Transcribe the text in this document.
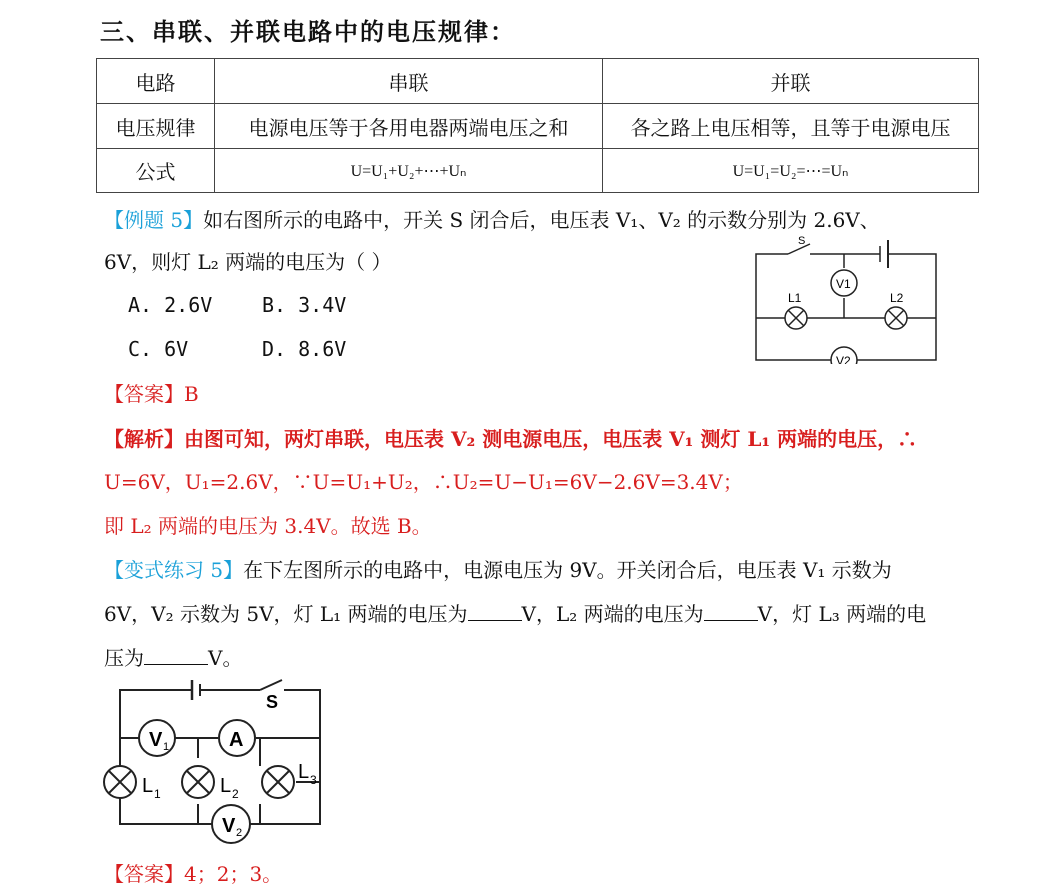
三、串联、并联电路中的电压规律：
电路	串联	并联
电压规律	电源电压等于各用电器两端电压之和	各之路上电压相等，且等于电源电压
公式	U=U₁+U₂+⋯+Uₙ	U=U₁=U₂=⋯=Uₙ
【例题 5】如右图所示的电路中，开关 S 闭合后，电压表 V₁、V₂ 的示数分别为 2.6V、
6V，则灯 L₂ 两端的电压为（ ）
A. 2.6V B. 3.4V
C. 6V	D. 8.6V
S
V1
V2
L1	L2
【答案】B
【解析】由图可知，两灯串联，电压表 V₂ 测电源电压，电压表 V₁ 测灯 L₁ 两端的电压，∴
U=6V，U₁=2.6V，∵U=U₁+U₂，∴U₂=U−U₁=6V−2.6V=3.4V；
即 L₂ 两端的电压为 3.4V。故选 B。
【变式练习 5】在下左图所示的电路中，电源电压为 9V。开关闭合后，电压表 V₁ 示数为
6V，V₂ 示数为 5V，灯 L₁ 两端的电压为	V，L₂ 两端的电压为	V，灯 L₃ 两端的电
压为	V。
S
V 1	A
V 2
L 1	L 2
L 3
【答案】4；2；3。
